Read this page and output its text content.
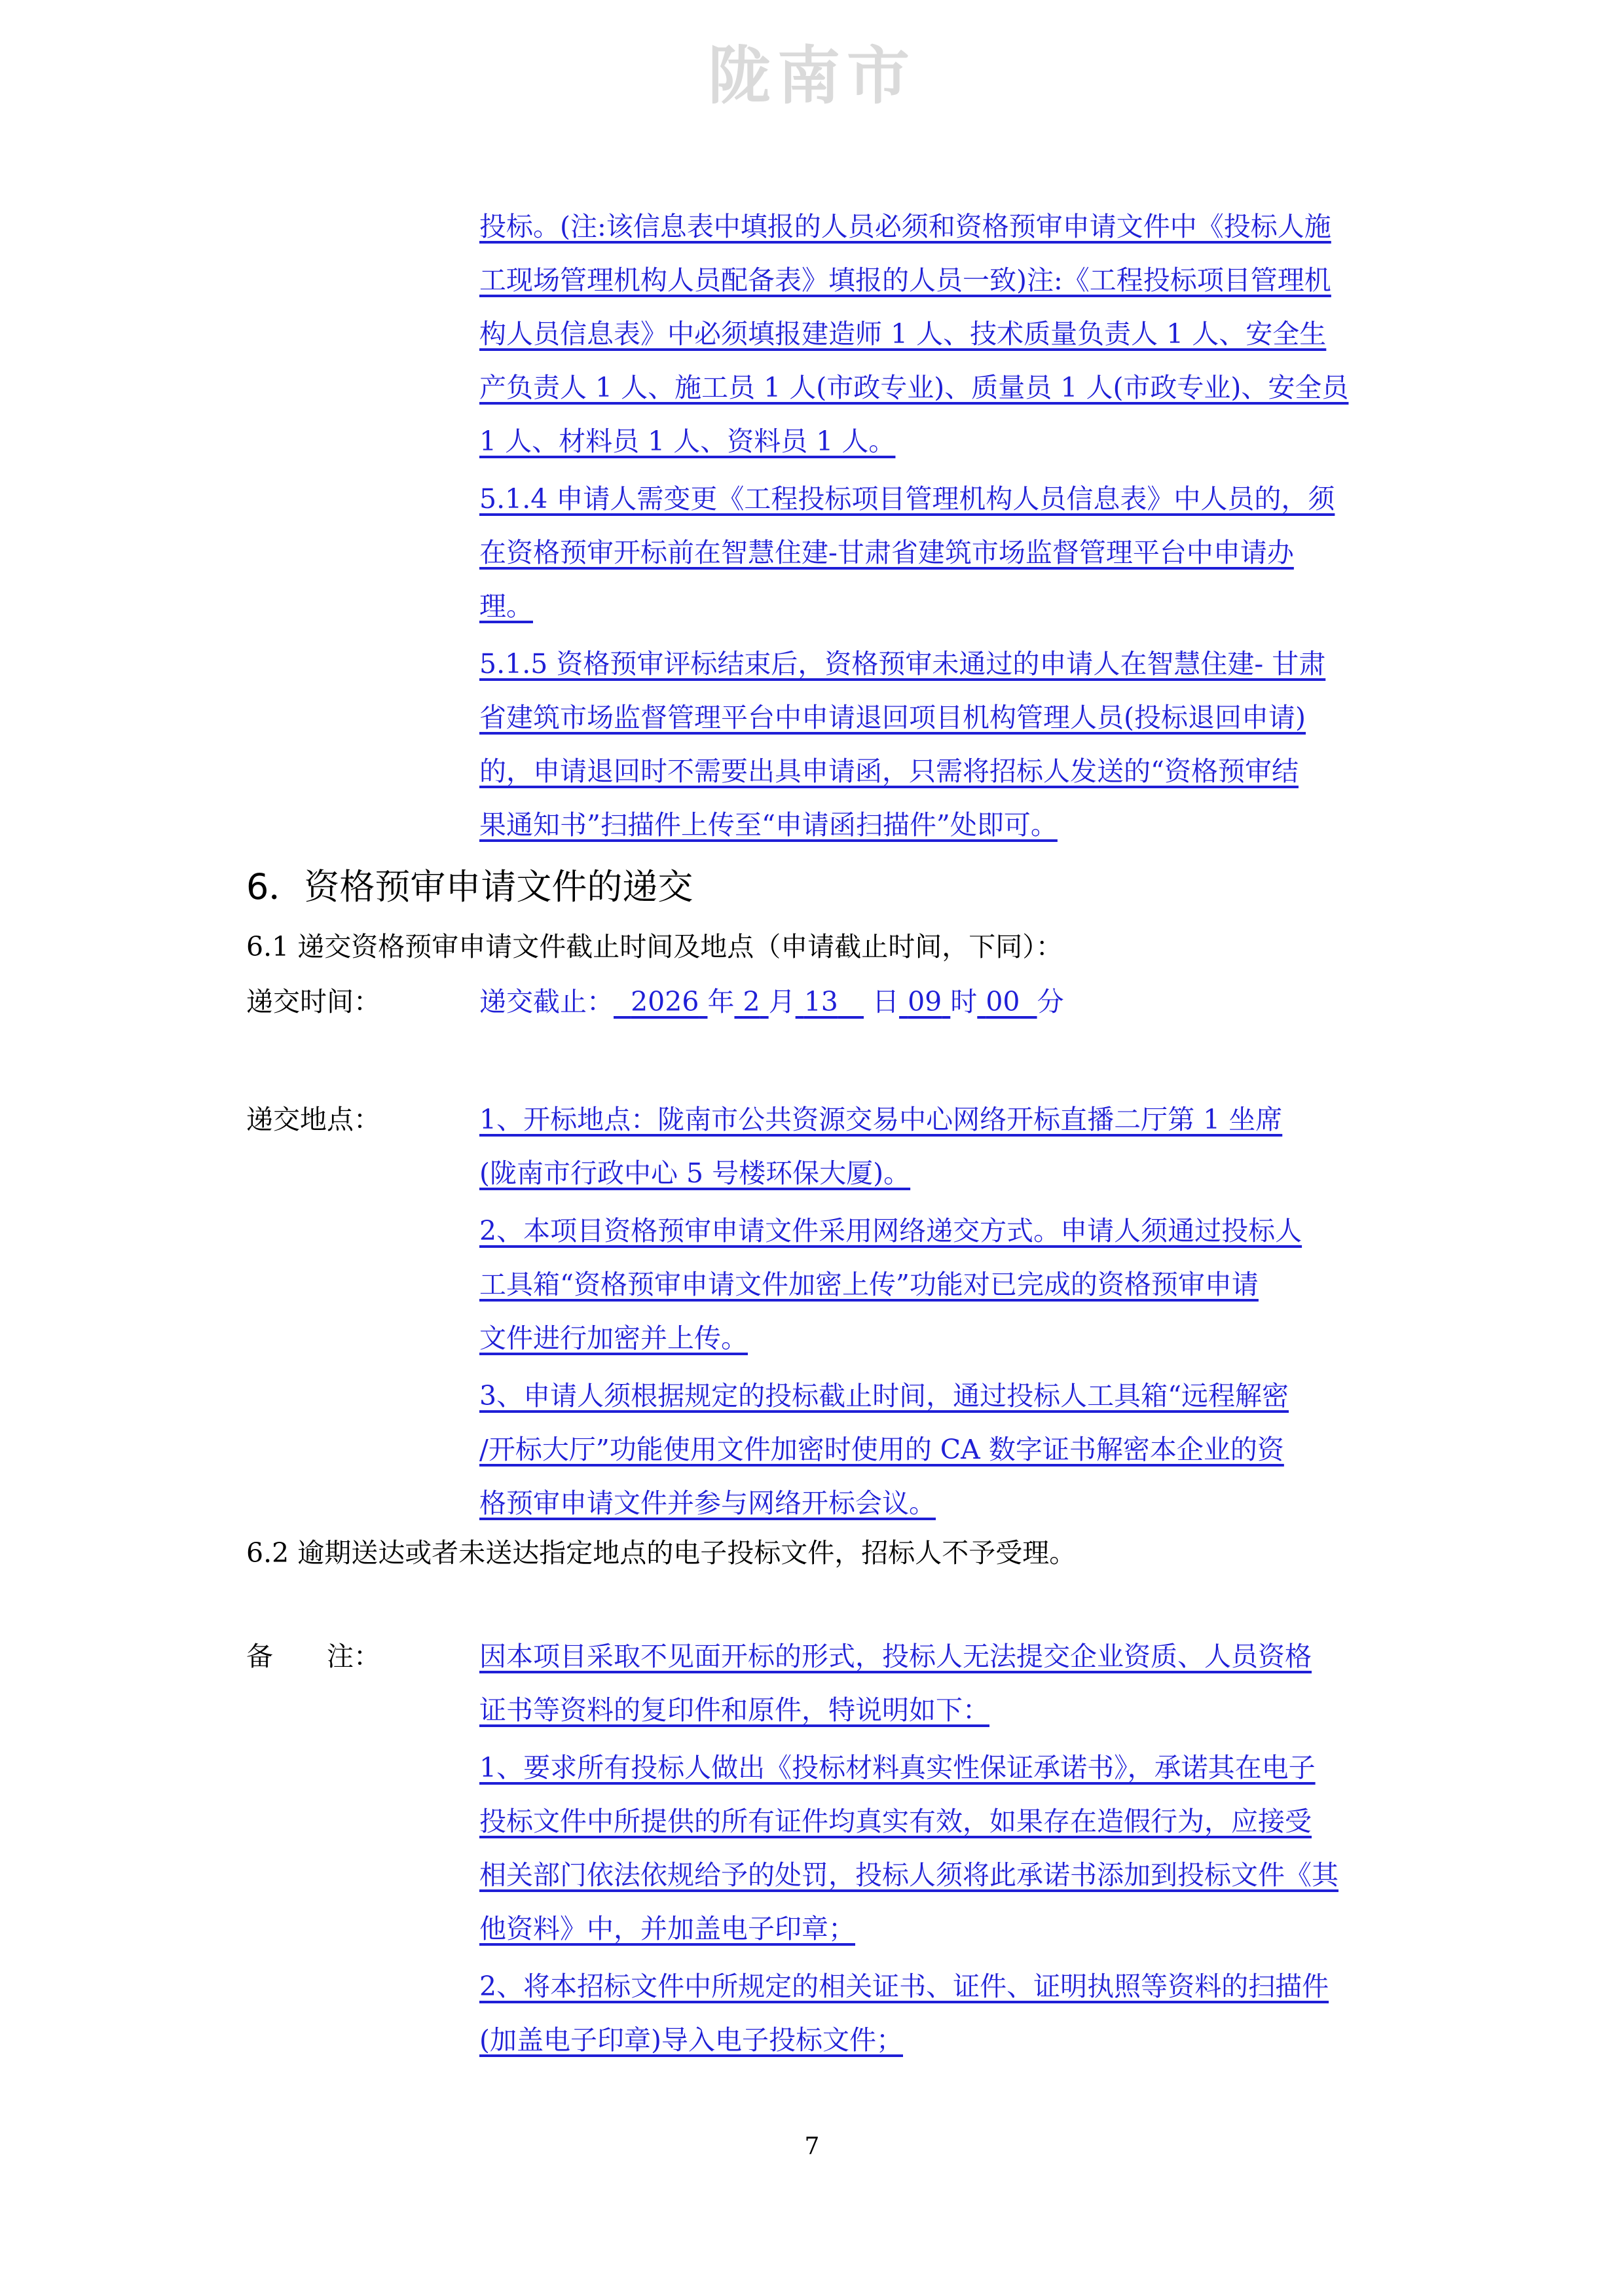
陇南市
投标。(注:该信息表中填报的人员必须和资格预审申请文件中《投标人施
工现场管理机构人员配备表》填报的人员一致)注:《工程投标项目管理机
构人员信息表》中必须填报建造师 1 人、技术质量负责人 1 人、安全生
产负责人 1 人、施工员 1 人(市政专业)、质量员 1 人(市政专业)、安全员
1 人、材料员 1 人、资料员 1 人。
5.1.4 申请人需变更《工程投标项目管理机构人员信息表》中人员的，须
在资格预审开标前在智慧住建-甘肃省建筑市场监督管理平台中申请办
理。
5.1.5 资格预审评标结束后，资格预审未通过的申请人在智慧住建- 甘肃
省建筑市场监督管理平台中申请退回项目机构管理人员(投标退回申请)
的，申请退回时不需要出具申请函，只需将招标人发送的“资格预审结
果通知书”扫描件上传至“申请函扫描件”处即可。
6．资格预审申请文件的递交
6.1 递交资格预审申请文件截止时间及地点（申请截止时间，下同）：
递交时间：	递交截止： 2026 年 2 月 13 日 09 时 00 分
递交地点：	1、开标地点：陇南市公共资源交易中心网络开标直播二厅第 1 坐席
(陇南市行政中心 5 号楼环保大厦)。
2、本项目资格预审申请文件采用网络递交方式。申请人须通过投标人
工具箱“资格预审申请文件加密上传”功能对已完成的资格预审申请
文件进行加密并上传。
3、申请人须根据规定的投标截止时间，通过投标人工具箱“远程解密
/开标大厅”功能使用文件加密时使用的 CA 数字证书解密本企业的资
格预审申请文件并参与网络开标会议。
6.2 逾期送达或者未送达指定地点的电子投标文件，招标人不予受理。
备　　注：	因本项目采取不见面开标的形式，投标人无法提交企业资质、人员资格
证书等资料的复印件和原件，特说明如下：
1、要求所有投标人做出《投标材料真实性保证承诺书》，承诺其在电子
投标文件中所提供的所有证件均真实有效，如果存在造假行为，应接受
相关部门依法依规给予的处罚，投标人须将此承诺书添加到投标文件《其
他资料》中，并加盖电子印章；
2、将本招标文件中所规定的相关证书、证件、证明执照等资料的扫描件
(加盖电子印章)导入电子投标文件；
7
